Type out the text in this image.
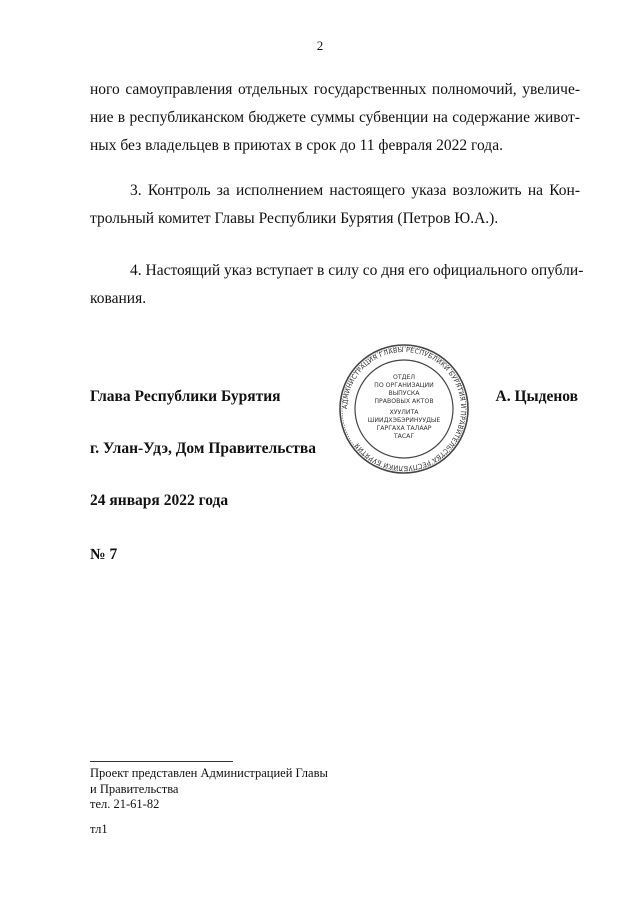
2
ного самоуправления отдельных государственных полномочий, увеличе-
ние в республиканском бюджете суммы субвенции на содержание живот-
ных без владельцев в приютах в срок до 11 февраля 2022 года.
3. Контроль за исполнением настоящего указа возложить на Кон-
трольный комитет Главы Республики Бурятия (Петров Ю.А.).
4. Настоящий указ вступает в силу со дня его официального опубли-
кования.
Глава Республики Бурятия	А. Цыденов
АДМИНИСТРАЦИЯ ГЛАВЫ РЕСПУБЛИКИ БУРЯТИЯ И ПРАВИТЕЛЬСТВА РЕСПУБЛИКИ БУРЯТИЯ
ОТДЕЛ
ПО ОРГАНИЗАЦИИ
ВЫПУСКА
ПРАВОВЫХ АКТОВ
ХУУЛИТА
ШИИДХЭБЭРИНУУДЫЕ
ГАРГАХА ТАЛААР
ТАСАГ
г. Улан-Удэ, Дом Правительства
24 января 2022 года
№ 7
Проект представлен Администрацией Главы
и Правительства
тел. 21-61-82
тл1
